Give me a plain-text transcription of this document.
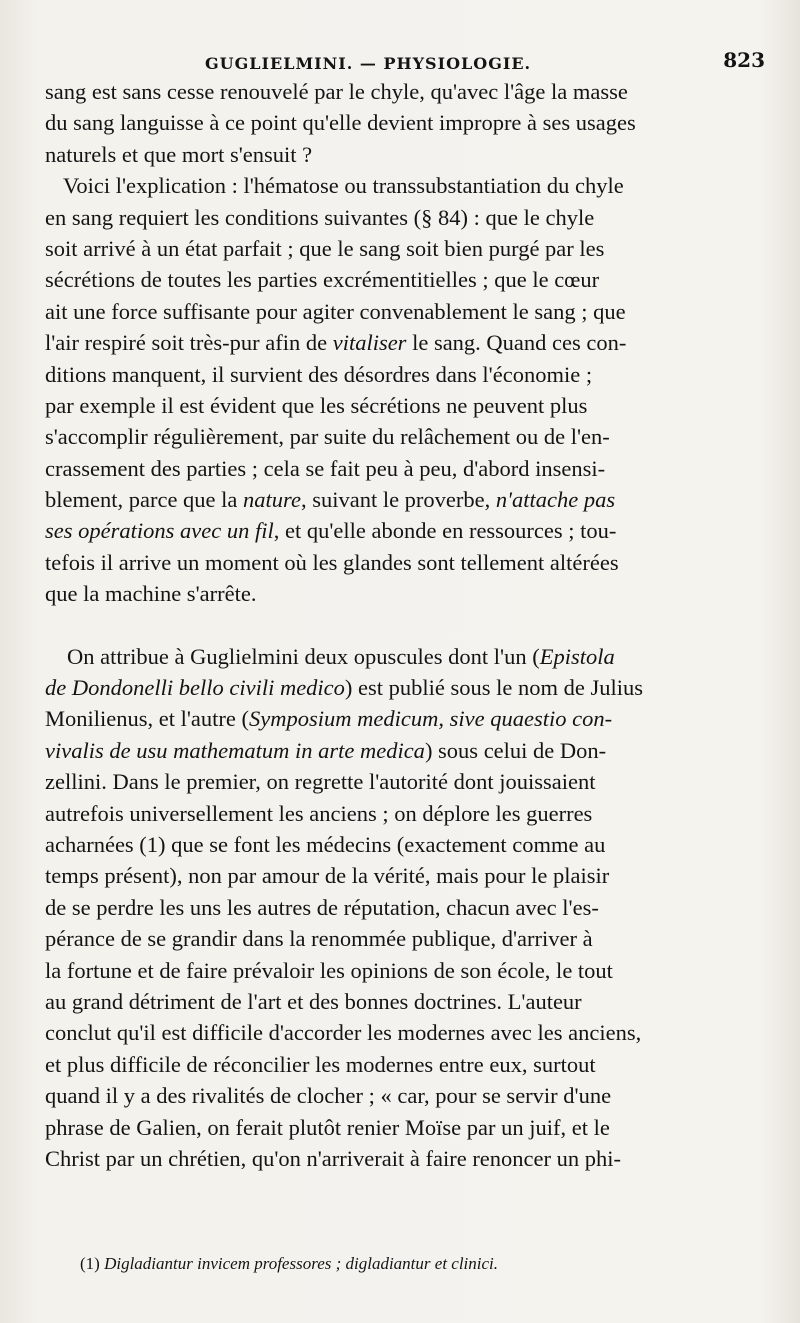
GUGLIELMINI. — PHYSIOLOGIE.	823
sang est sans cesse renouvelé par le chyle, qu'avec l'âge la masse
du sang languisse à ce point qu'elle devient impropre à ses usages
naturels et que mort s'ensuit ?
Voici l'explication : l'hématose ou transsubstantiation du chyle
en sang requiert les conditions suivantes (§ 84) : que le chyle
soit arrivé à un état parfait ; que le sang soit bien purgé par les
sécrétions de toutes les parties excrémentitielles ; que le cœur
ait une force suffisante pour agiter convenablement le sang ; que
l'air respiré soit très-pur afin de vitaliser le sang. Quand ces con-
ditions manquent, il survient des désordres dans l'économie ;
par exemple il est évident que les sécrétions ne peuvent plus
s'accomplir régulièrement, par suite du relâchement ou de l'en-
crassement des parties ; cela se fait peu à peu, d'abord insensi-
blement, parce que la nature, suivant le proverbe, n'attache pas
ses opérations avec un fil, et qu'elle abonde en ressources ; tou-
tefois il arrive un moment où les glandes sont tellement altérées
que la machine s'arrête.
On attribue à Guglielmini deux opuscules dont l'un (Epistola
de Dondonelli bello civili medico) est publié sous le nom de Julius
Monilienus, et l'autre (Symposium medicum, sive quaestio con-
vivalis de usu mathematum in arte medica) sous celui de Don-
zellini. Dans le premier, on regrette l'autorité dont jouissaient
autrefois universellement les anciens ; on déplore les guerres
acharnées (1) que se font les médecins (exactement comme au
temps présent), non par amour de la vérité, mais pour le plaisir
de se perdre les uns les autres de réputation, chacun avec l'es-
pérance de se grandir dans la renommée publique, d'arriver à
la fortune et de faire prévaloir les opinions de son école, le tout
au grand détriment de l'art et des bonnes doctrines. L'auteur
conclut qu'il est difficile d'accorder les modernes avec les anciens,
et plus difficile de réconcilier les modernes entre eux, surtout
quand il y a des rivalités de clocher ; « car, pour se servir d'une
phrase de Galien, on ferait plutôt renier Moïse par un juif, et le
Christ par un chrétien, qu'on n'arriverait à faire renoncer un phi-
(1) Digladiantur invicem professores ; digladiantur et clinici.
